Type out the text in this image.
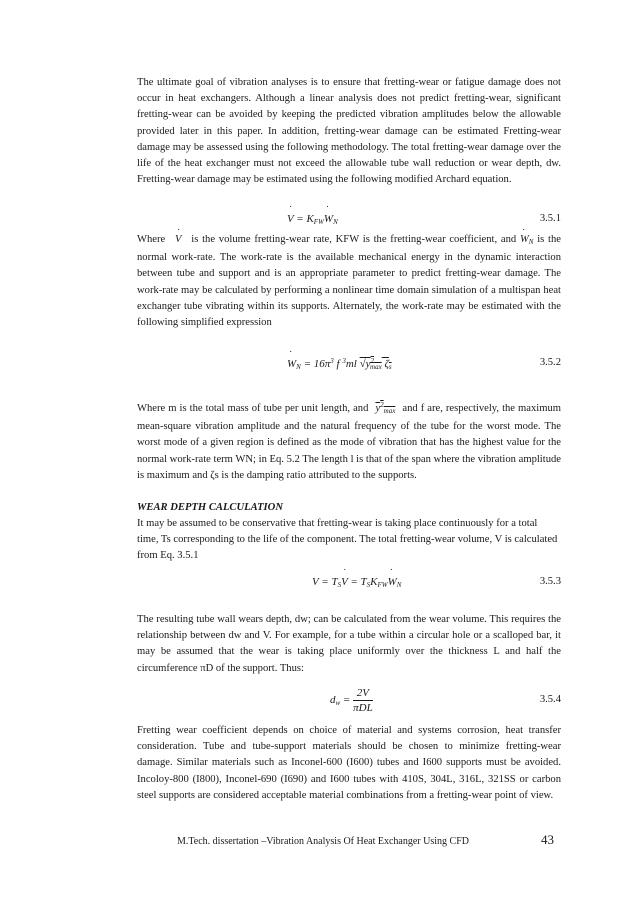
The ultimate goal of vibration analyses is to ensure that fretting-wear or fatigue damage does not occur in heat exchangers. Although a linear analysis does not predict fretting-wear, significant fretting-wear can be avoided by keeping the predicted vibration amplitudes below the allowable provided later in this paper. In addition, fretting-wear damage can be estimated Fretting-wear damage may be assessed using the following methodology. The total fretting-wear damage over the life of the heat exchanger must not exceed the allowable tube wall reduction or wear depth, dw. Fretting-wear damage may be estimated using the following modified Archard equation.

˙ $V = K_{FW}˙$ $W_N$	3.5.1

Where ˙ V is the volume fretting-wear rate, KFW is the fretting-wear coefficient, and ˙ $W_N$ is the normal work-rate. The work-rate is the available mechanical energy in the dynamic interaction between tube and support and is an appropriate parameter to predict fretting-wear damage. The work-rate may be calculated by performing a nonlinear time domain simulation of a multispan heat exchanger tube vibrating within its supports. Alternately, the work-rate may be estimated with the following simplified expression

˙ $W_N = 16\pi^3$ f $^3$ml $√y^2_{max}$ $\zeta_s$	3.5.2

Where m is the total mass of tube per unit length, and $y^2_{max}$ and f are, respectively, the maximum mean-square vibration amplitude and the natural frequency of the tube for the worst mode. The worst mode of a given region is defined as the mode of vibration that has the highest value for the normal work-rate term WN; in Eq. 5.2 The length l is that of the span where the vibration amplitude is maximum and ζs is the damping ratio attributed to the supports.

WEAR DEPTH CALCULATION

It may be assumed to be conservative that fretting-wear is taking place continuously for a total time, Ts corresponding to the life of the component. The total fretting-wear volume, V is calculated from Eq. 3.5.1

$V = T_S˙$ $V = T_SK_{FW}˙$ $W_N$	3.5.3

The resulting tube wall wears depth, dw; can be calculated from the wear volume. This requires the relationship between dw and V. For example, for a tube within a circular hole or a scalloped bar, it may be assumed that the wear is taking place uniformly over the thickness L and half the circumference πD of the support. Thus:

$d_w = \frac{2V}{\text{πDL}}$	3.5.4

Fretting wear coefficient depends on choice of material and systems corrosion, heat transfer consideration. Tube and tube-support materials should be chosen to minimize fretting-wear damage. Similar materials such as Inconel-600 (I600) tubes and I600 supports must be avoided. Incoloy-800 (I800), Inconel-690 (I690) and I600 tubes with 410S, 304L, 316L, 321SS or carbon steel supports are considered acceptable material combinations from a fretting-wear point of view.

M.Tech. dissertation –Vibration Analysis Of Heat Exchanger Using CFD	43
